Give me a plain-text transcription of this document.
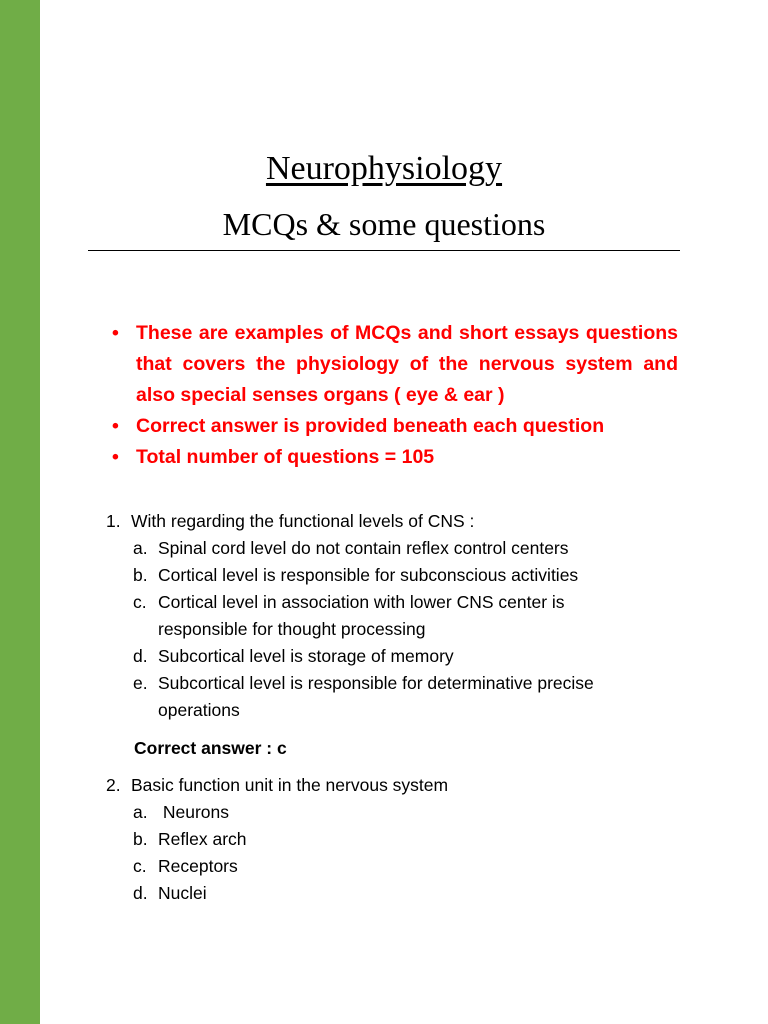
Neurophysiology
MCQs & some questions
• These are examples of MCQs and short essays questions that covers the physiology of the nervous system and also special senses organs ( eye & ear )
• Correct answer is provided beneath each question
• Total number of questions = 105
1. With regarding the functional levels of CNS :
a. Spinal cord level do not contain reflex control centers
b. Cortical level is responsible for subconscious activities
c. Cortical level in association with lower CNS center is
responsible for thought processing
d. Subcortical level is storage of memory
e. Subcortical level is responsible for determinative precise
operations
Correct answer : c
2. Basic function unit in the nervous system
a. Neurons
b. Reflex arch
c. Receptors
d. Nuclei
